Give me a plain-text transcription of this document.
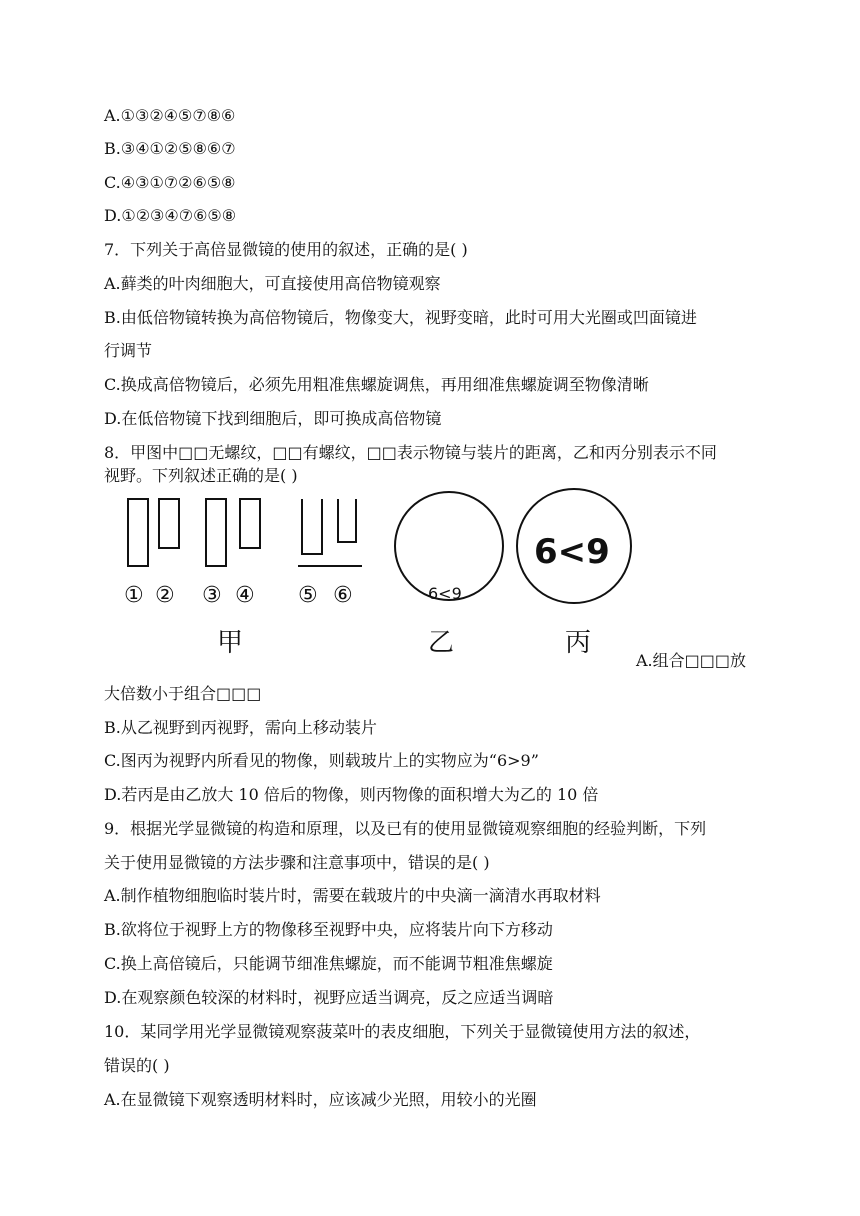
A.①③②④⑤⑦⑧⑥
B.③④①②⑤⑧⑥⑦
C.④③①⑦②⑥⑤⑧
D.①②③④⑦⑥⑤⑧
7．下列关于高倍显微镜的使用的叙述，正确的是( )
A.藓类的叶肉细胞大，可直接使用高倍物镜观察
B.由低倍物镜转换为高倍物镜后，物像变大，视野变暗，此时可用大光圈或凹面镜进
行调节
C.换成高倍物镜后，必须先用粗准焦螺旋调焦，再用细准焦螺旋调至物像清晰
D.在低倍物镜下找到细胞后，即可换成高倍物镜
8．甲图中□□无螺纹，□□有螺纹，□□表示物镜与装片的距离，乙和丙分别表示不同
视野。下列叙述正确的是( )
大倍数小于组合□□□
B.从乙视野到丙视野，需向上移动装片
C.图丙为视野内所看见的物像，则载玻片上的实物应为“6>9”
D.若丙是由乙放大 10 倍后的物像，则丙物像的面积增大为乙的 10 倍
9．根据光学显微镜的构造和原理，以及已有的使用显微镜观察细胞的经验判断，下列
关于使用显微镜的方法步骤和注意事项中，错误的是( )
A.制作植物细胞临时装片时，需要在载玻片的中央滴一滴清水再取材料
B.欲将位于视野上方的物像移至视野中央，应将装片向下方移动
C.换上高倍镜后，只能调节细准焦螺旋，而不能调节粗准焦螺旋
D.在观察颜色较深的材料时，视野应适当调亮，反之应适当调暗
10．某同学用光学显微镜观察菠菜叶的表皮细胞，下列关于显微镜使用方法的叙述，
错误的( )
A.在显微镜下观察透明材料时，应该减少光照，用较小的光圈
A.组合□□□放
① ② ③ ④ ⑤ ⑥	6<9
6<9
甲	乙	丙
